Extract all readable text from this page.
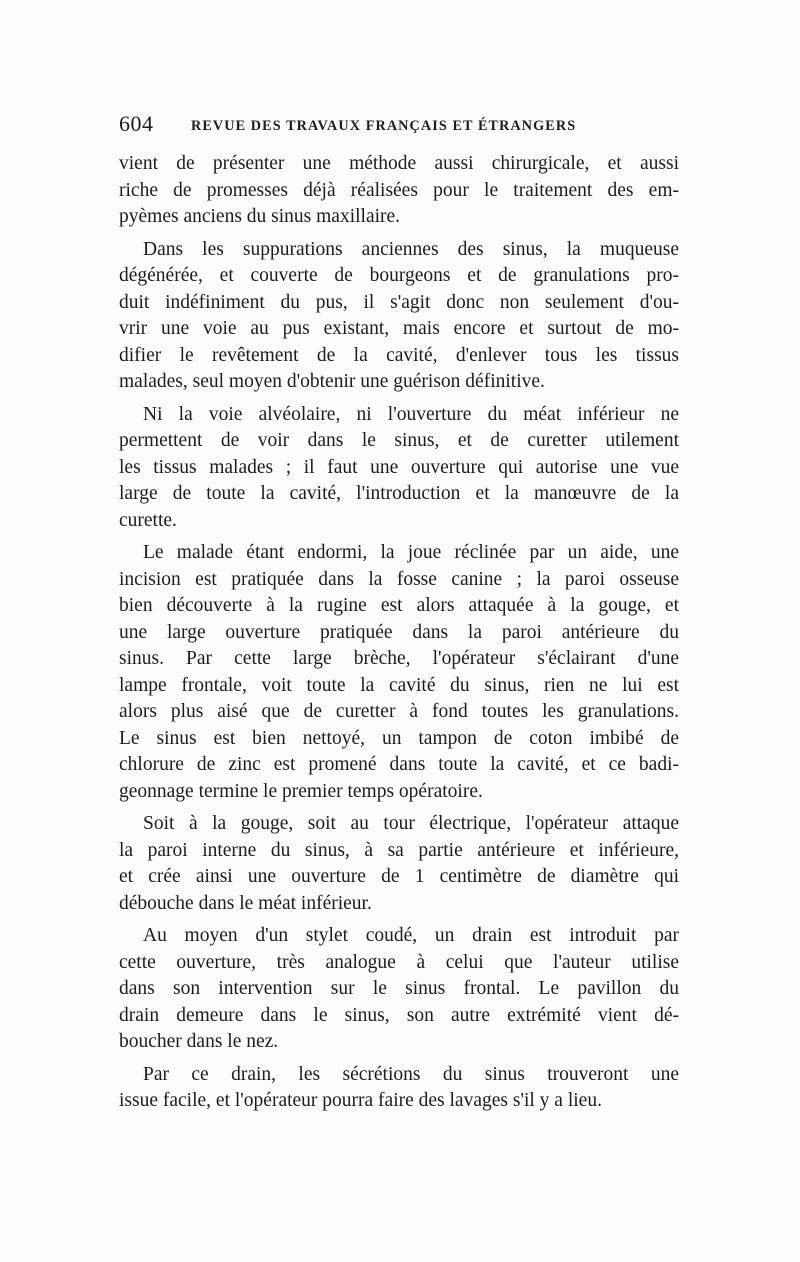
604	REVUE DES TRAVAUX FRANÇAIS ET ÉTRANGERS

vient de présenter une méthode aussi chirurgicale, et aussi
riche de promesses déjà réalisées pour le traitement des em-
pyèmes anciens du sinus maxillaire.

Dans les suppurations anciennes des sinus, la muqueuse
dégénérée, et couverte de bourgeons et de granulations pro-
duit indéfiniment du pus, il s'agit donc non seulement d'ou-
vrir une voie au pus existant, mais encore et surtout de mo-
difier le revêtement de la cavité, d'enlever tous les tissus
malades, seul moyen d'obtenir une guérison définitive.

Ni la voie alvéolaire, ni l'ouverture du méat inférieur ne
permettent de voir dans le sinus, et de curetter utilement
les tissus malades ; il faut une ouverture qui autorise une vue
large de toute la cavité, l'introduction et la manœuvre de la
curette.

Le malade étant endormi, la joue réclinée par un aide, une
incision est pratiquée dans la fosse canine ; la paroi osseuse
bien découverte à la rugine est alors attaquée à la gouge, et
une large ouverture pratiquée dans la paroi antérieure du
sinus. Par cette large brèche, l'opérateur s'éclairant d'une
lampe frontale, voit toute la cavité du sinus, rien ne lui est
alors plus aisé que de curetter à fond toutes les granulations.
Le sinus est bien nettoyé, un tampon de coton imbibé de
chlorure de zinc est promené dans toute la cavité, et ce badi-
geonnage termine le premier temps opératoire.

Soit à la gouge, soit au tour électrique, l'opérateur attaque
la paroi interne du sinus, à sa partie antérieure et inférieure,
et crée ainsi une ouverture de 1 centimètre de diamètre qui
débouche dans le méat inférieur.

Au moyen d'un stylet coudé, un drain est introduit par
cette ouverture, très analogue à celui que l'auteur utilise
dans son intervention sur le sinus frontal. Le pavillon du
drain demeure dans le sinus, son autre extrémité vient dé-
boucher dans le nez.

Par ce drain, les sécrétions du sinus trouveront une
issue facile, et l'opérateur pourra faire des lavages s'il y a lieu.
